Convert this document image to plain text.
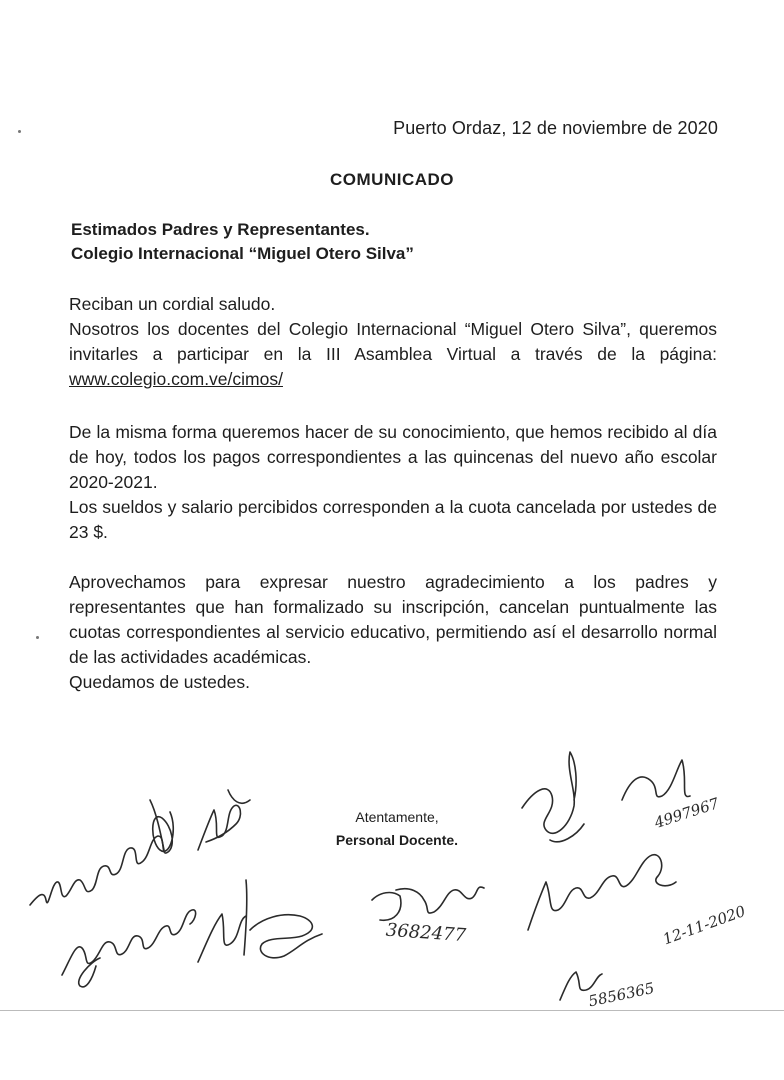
Puerto Ordaz, 12 de noviembre de 2020
COMUNICADO
Estimados Padres y Representantes.
Colegio Internacional “Miguel Otero Silva”

Reciban un cordial saludo.

Nosotros los docentes del Colegio Internacional “Miguel Otero Silva”, queremos invitarles a participar en la III Asamblea Virtual a través de la página: www.colegio.com.ve/cimos/

De la misma forma queremos hacer de su conocimiento, que hemos recibido al día de hoy, todos los pagos correspondientes a las quincenas del nuevo año escolar 2020-2021.

Los sueldos y salario percibidos corresponden a la cuota cancelada por ustedes de 23 $.

Aprovechamos para expresar nuestro agradecimiento a los padres y representantes que han formalizado su inscripción, cancelan puntualmente las cuotas correspondientes al servicio educativo, permitiendo así el desarrollo normal de las actividades académicas.

Quedamos de ustedes.

Atentamente,
Personal Docente.
3682477
4997967
12-11-2020
5856365
